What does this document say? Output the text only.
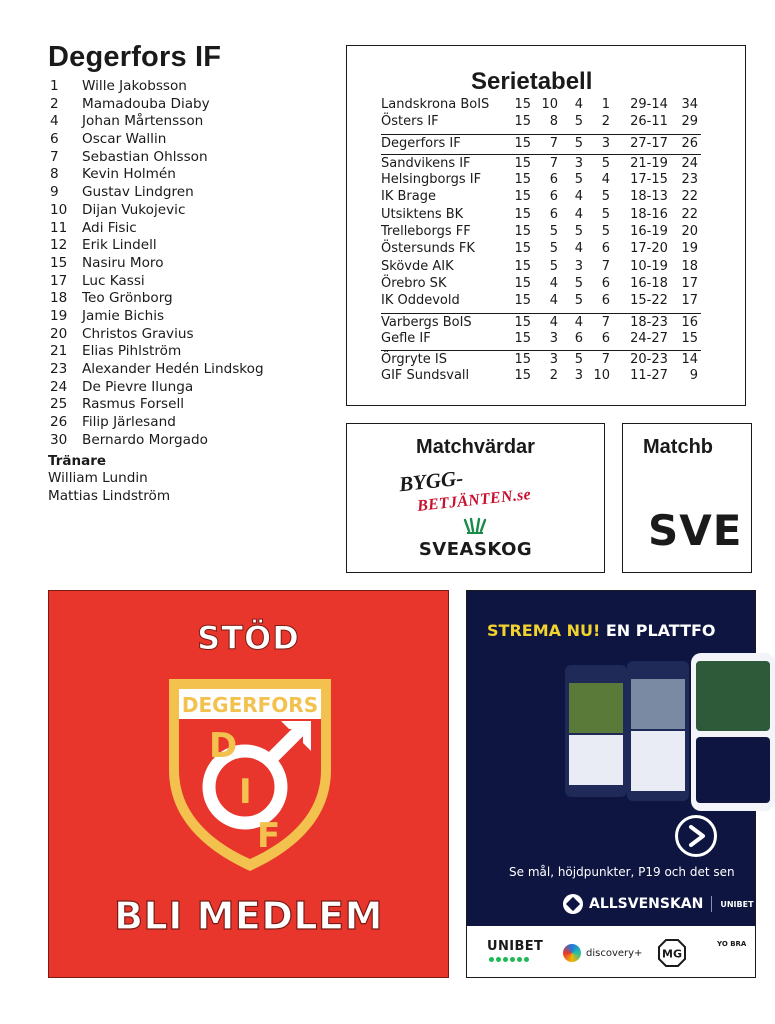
Degerfors IF
1	Wille Jakobsson
2	Mamadouba Diaby
4	Johan Mårtensson
6	Oscar Wallin
7	Sebastian Ohlsson
8	Kevin Holmén
9	Gustav Lindgren
10	Dijan Vukojevic
11	Adi Fisic
12	Erik Lindell
15	Nasiru Moro
17	Luc Kassi
18	Teo Grönborg
19	Jamie Bichis
20	Christos Gravius
21	Elias Pihlström
23	Alexander Hedén Lindskog
24	De Pievre Ilunga
25	Rasmus Forsell
26	Filip Järlesand
30	Bernardo Morgado
Tränare
William Lundin
Mattias Lindström
Serietabell
Landskrona BoIS 15 10	4	1 29-14	34
Östers IF	15	8	5	2 26-11	29
Degerfors IF	15	7	5	3 27-17	26
Sandvikens IF	15	7	3	5 21-19	24
Helsingborgs IF	15	6	5	4 17-15	23
IK Brage	15	6	4	5 18-13	22
Utsiktens BK	15	6	4	5 18-16	22
Trelleborgs FF	15	5	5	5 16-19	20
Östersunds FK	15	5	4	6 17-20	19
Skövde AIK	15	5	3	7 10-19	18
Örebro SK	15	4	5	6 16-18	17
IK Oddevold	15	4	5	6 15-22	17
Varbergs BoIS	15	4	4	7 18-23	16
Gefle IF	15	3	6	6 24-27	15
Örgryte IS	15	3	5	7 20-23	14
GIF Sundsvall	15	2	3 10 11-27	9
Matchvärdar
BYGG-
BETJÄNTEN.se
SVEASKOG
Matchb
SVE
STÖD
DEGERFORS
D
I
F
BLI MEDLEM
STREMA NU! EN PLATTFO
Se mål, höjdpunkter, P19 och det sen
ALLSVENSKAN UNIBET
UNIBET	discovery+ MG
YO BRA
